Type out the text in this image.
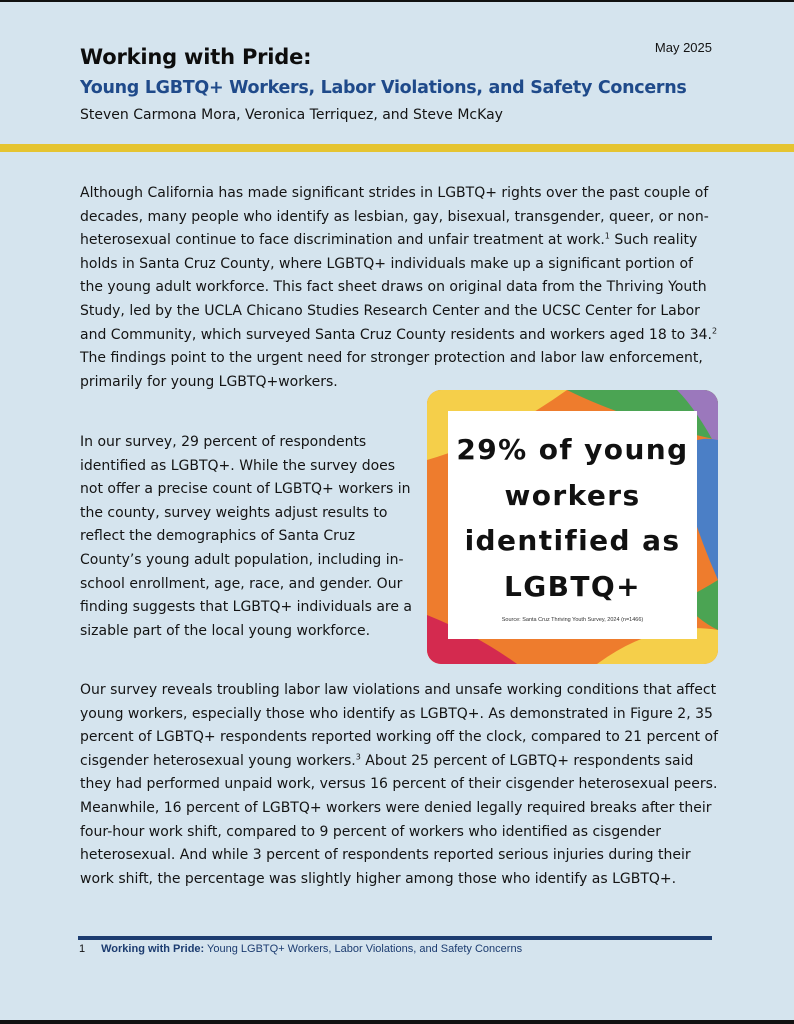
May 2025
Working with Pride:
Young LGBTQ+ Workers, Labor Violations, and Safety Concerns
Steven Carmona Mora, Veronica Terriquez, and Steve McKay
Although California has made significant strides in LGBTQ+ rights over the past couple of decades, many people who identify as lesbian, gay, bisexual, transgender, queer, or non-heterosexual continue to face discrimination and unfair treatment at work.$^1$ Such reality holds in Santa Cruz County, where LGBTQ+ individuals make up a significant portion of the young adult workforce. This fact sheet draws on original data from the Thriving Youth Study, led by the UCLA Chicano Studies Research Center and the UCSC Center for Labor and Community, which surveyed Santa Cruz County residents and workers aged 18 to 34.$^2$ The findings point to the urgent need for stronger protection and labor law enforcement, primarily for young LGBTQ+workers.
In our survey, 29 percent of respondents identified as LGBTQ+. While the survey does not offer a precise count of LGBTQ+ workers in the county, survey weights adjust results to reflect the demographics of Santa Cruz County’s young adult population, including in-school enrollment, age, race, and gender. Our finding suggests that LGBTQ+ individuals are a sizable part of the local young workforce.
29% of young
workers
identified as
LGBTQ+
Source: Santa Cruz Thriving Youth Survey, 2024 (n=1466)
Our survey reveals troubling labor law violations and unsafe working conditions that affect young workers, especially those who identify as LGBTQ+. As demonstrated in Figure 2, 35 percent of LGBTQ+ respondents reported working off the clock, compared to 21 percent of cisgender heterosexual young workers.$^3$ About 25 percent of LGBTQ+ respondents said they had performed unpaid work, versus 16 percent of their cisgender heterosexual peers. Meanwhile, 16 percent of LGBTQ+ workers were denied legally required breaks after their four-hour work shift, compared to 9 percent of workers who identified as cisgender heterosexual. And while 3 percent of respondents reported serious injuries during their work shift, the percentage was slightly higher among those who identify as LGBTQ+.
1 Working with Pride: Young LGBTQ+ Workers, Labor Violations, and Safety Concerns
